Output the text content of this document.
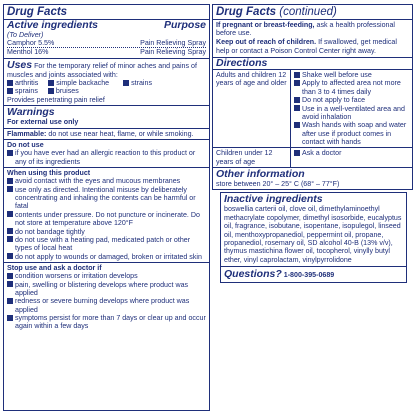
Drug Facts
Active ingredients	Purpose
(To Deliver)
Camphor 5.5%	Pain Relieving Spray
Menthol 16%	Pain Relieving Spray
Uses For the temporary relief of minor aches and pains of muscles and joints associated with:
arthritis	simple backache	strains
sprains	bruises
Provides penetrating pain relief
Warnings
For external use only
Flammable: do not use near heat, flame, or while smoking.
Do not use
if you have ever had an allergic reaction to this product or any of its ingredients
When using this product
avoid contact with the eyes and mucous membranes
use only as directed. Intentional misuse by deliberately concentrating and inhaling the contents can be harmful or fatal
contents under pressure. Do not puncture or incinerate. Do not store at temperature above 120°F
do not bandage tightly
do not use with a heating pad, medicated patch or other types of local heat
do not apply to wounds or damaged, broken or irritated skin
Stop use and ask a doctor if
condition worsens or irritation develops
pain, swelling or blistering develops where product was applied
redness or severe burning develops where product was applied
symptoms persist for more than 7 days or clear up and occur again within a few days
Drug Facts (continued)
If pregnant or breast-feeding, ask a health professional before use.
Keep out of reach of children. If swallowed, get medical help or contact a Poison Control Center right away.
Directions
Adults and children 12 years of age and older
Shake well before use
Apply to affected area not more than 3 to 4 times daily
Do not apply to face
Use in a well-ventilated area and avoid inhalation
Wash hands with soap and water after use if product comes in contact with hands
Children under 12 years of age
Ask a doctor
Other information
store between 20° – 25° C (68° – 77°F)
Inactive ingredients
boswellia carterii oil, clove oil, dimethylaminoethyl methacrylate copolymer, dimethyl isosorbide, eucalyptus oil, fragrance, isobutane, isopentane, isopulegol, linseed oil, menthoxypropanediol, peppermint oil, propane, propanediol, rosemary oil, SD alcohol 40-B (13% v/v), thymus mastichina flower oil, tocopherol, vinylly butyl ether, vinyl caprolactam, vinylpyrrolidone
Questions? 1-800-395-0689
